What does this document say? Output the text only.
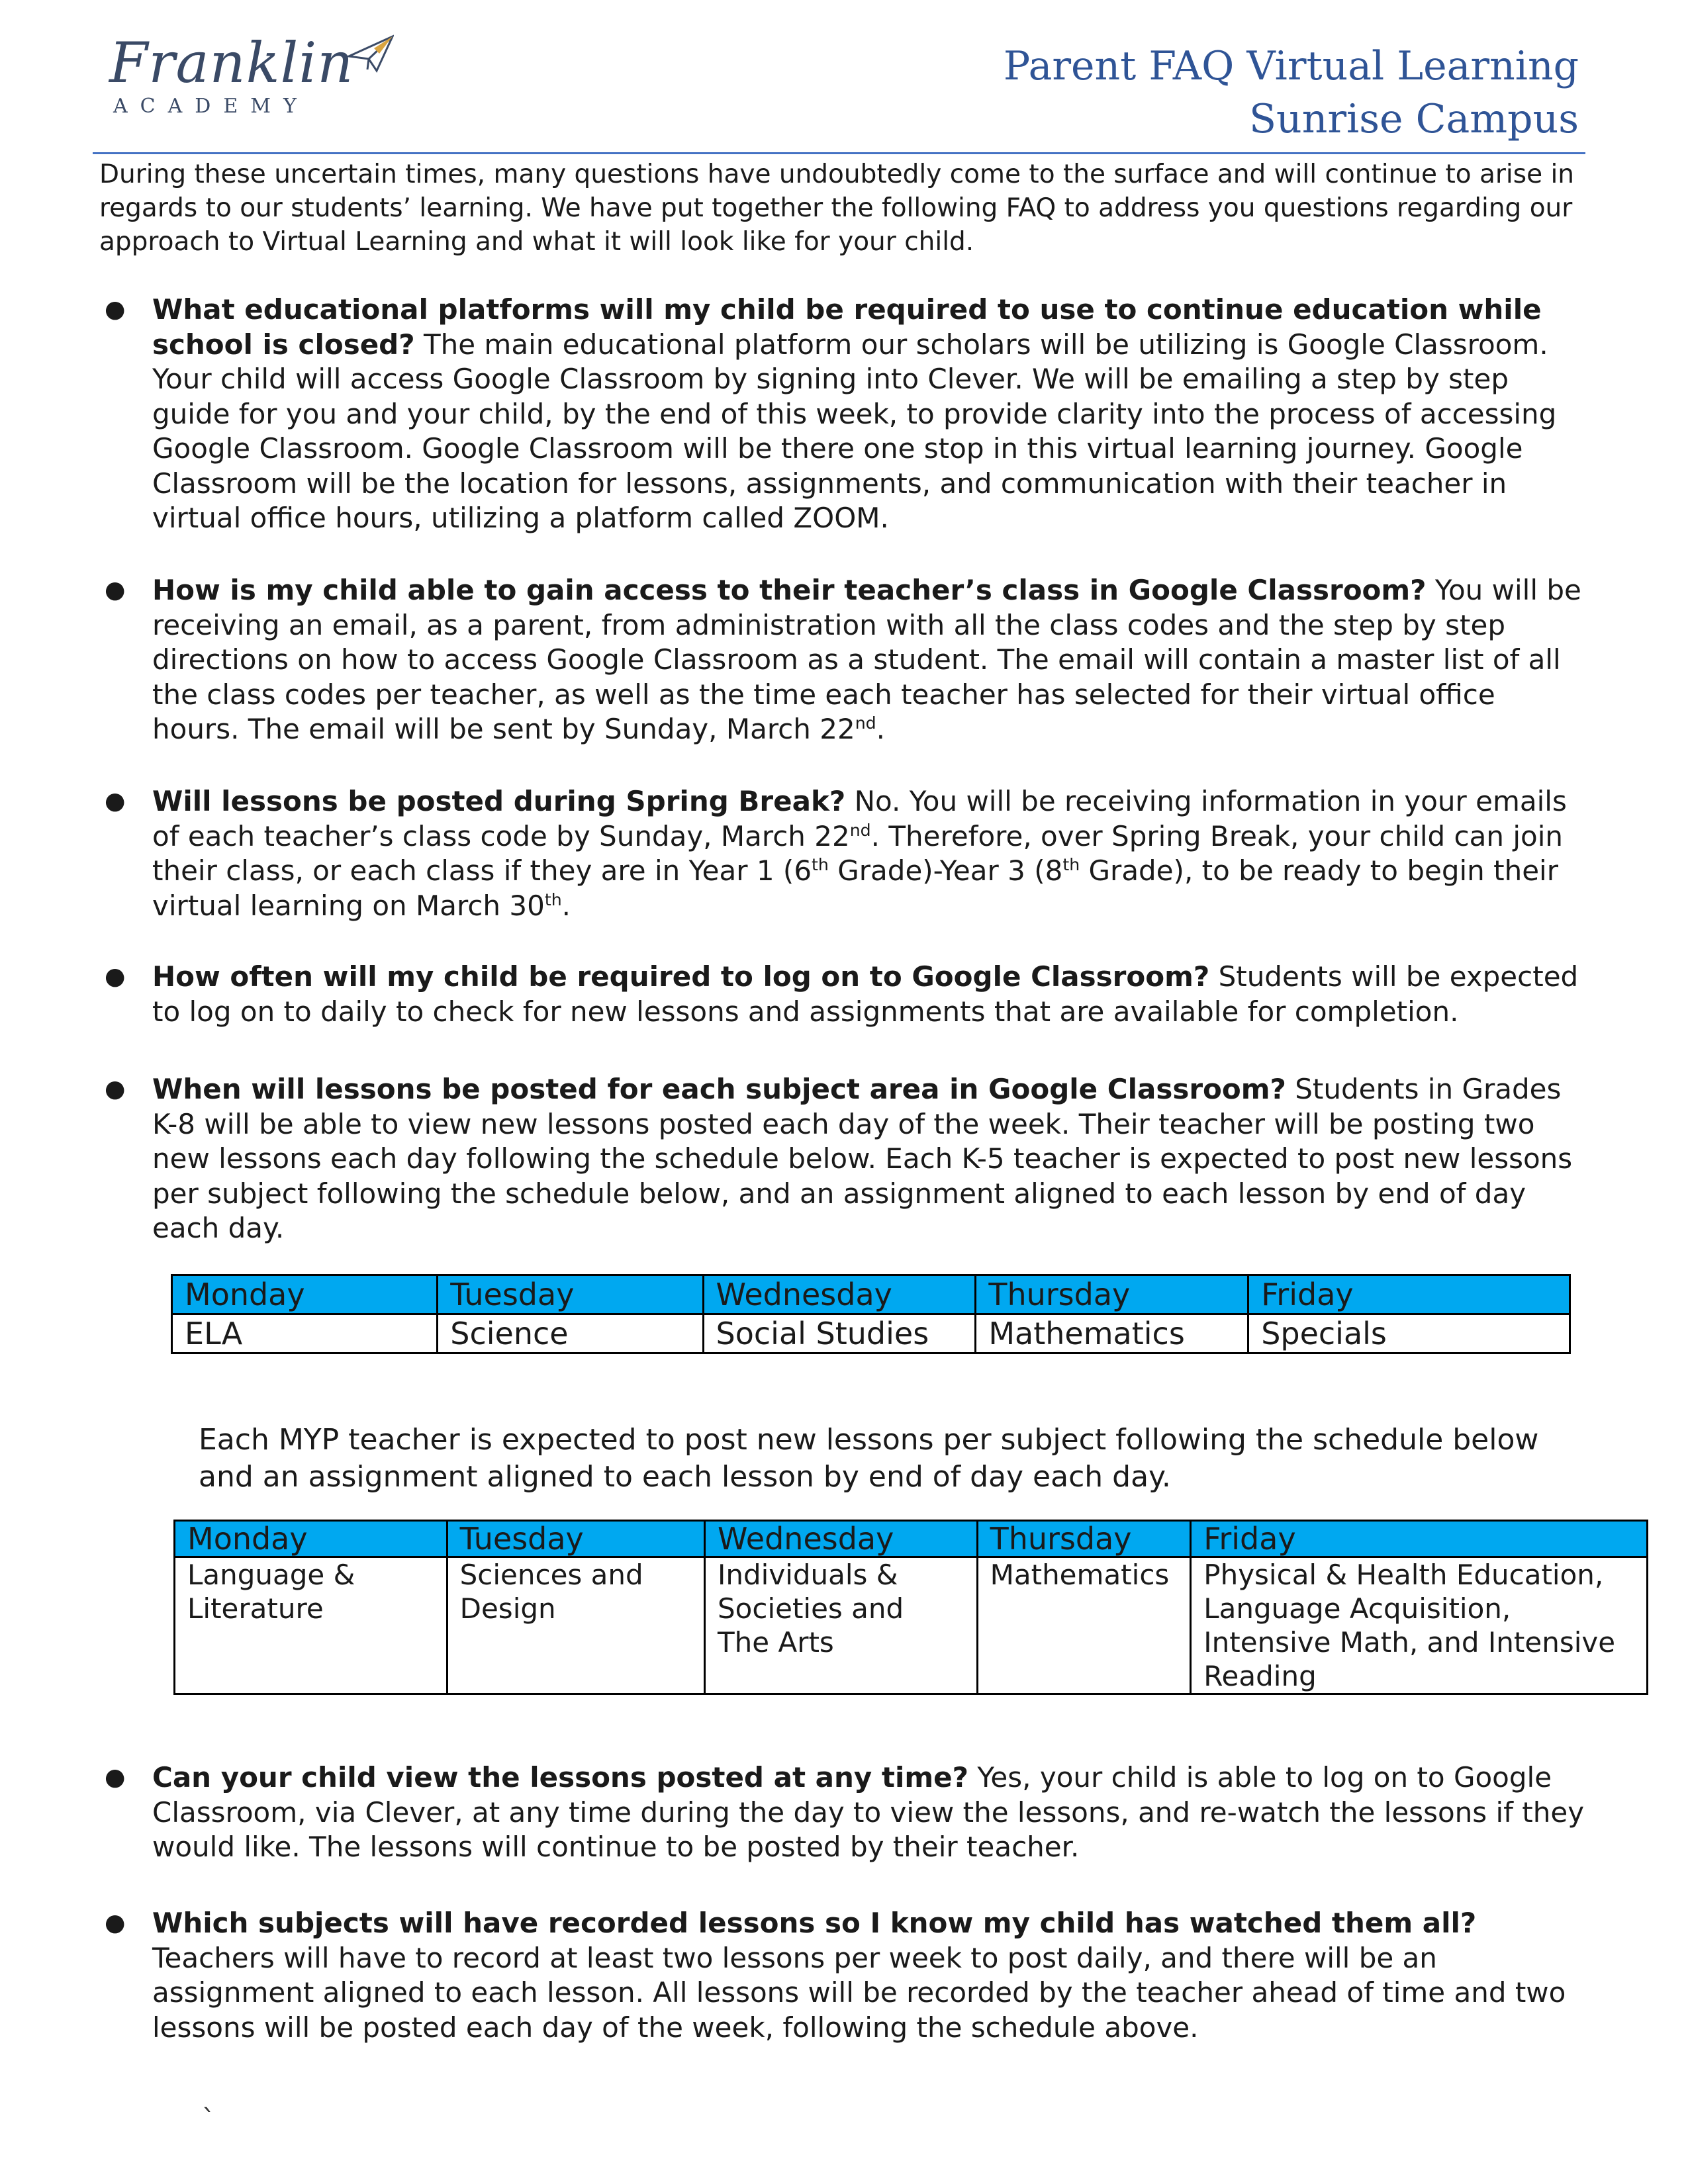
Franklin
ACADEMY
Parent FAQ Virtual Learning
Sunrise Campus
During these uncertain times, many questions have undoubtedly come to the surface and will continue to arise in regards to our students’ learning. We have put together the following FAQ to address you questions regarding our approach to Virtual Learning and what it will look like for your child.
● What educational platforms will my child be required to use to continue education while school is closed? The main educational platform our scholars will be utilizing is Google Classroom. Your child will access Google Classroom by signing into Clever. We will be emailing a step by step guide for you and your child, by the end of this week, to provide clarity into the process of accessing Google Classroom. Google Classroom will be there one stop in this virtual learning journey. Google Classroom will be the location for lessons, assignments, and communication with their teacher in virtual office hours, utilizing a platform called ZOOM.
● How is my child able to gain access to their teacher’s class in Google Classroom? You will be receiving an email, as a parent, from administration with all the class codes and the step by step directions on how to access Google Classroom as a student. The email will contain a master list of all the class codes per teacher, as well as the time each teacher has selected for their virtual office hours. The email will be sent by Sunday, March 22nd.
● Will lessons be posted during Spring Break? No. You will be receiving information in your emails of each teacher’s class code by Sunday, March 22nd. Therefore, over Spring Break, your child can join their class, or each class if they are in Year 1 (6th Grade)-Year 3 (8th Grade), to be ready to begin their virtual learning on March 30th.
● How often will my child be required to log on to Google Classroom? Students will be expected to log on to daily to check for new lessons and assignments that are available for completion.
● When will lessons be posted for each subject area in Google Classroom? Students in Grades K-8 will be able to view new lessons posted each day of the week. Their teacher will be posting two new lessons each day following the schedule below. Each K-5 teacher is expected to post new lessons per subject following the schedule below, and an assignment aligned to each lesson by end of day each day.
Monday	Tuesday	Wednesday	Thursday	Friday
ELA	Science	Social Studies	Mathematics	Specials
Each MYP teacher is expected to post new lessons per subject following the schedule below and an assignment aligned to each lesson by end of day each day.
Monday	Tuesday	Wednesday	Thursday	Friday
Language & Literature	Sciences and Design	Individuals & Societies and The Arts	Mathematics	Physical & Health Education, Language Acquisition, Intensive Math, and Intensive Reading
● Can your child view the lessons posted at any time? Yes, your child is able to log on to Google Classroom, via Clever, at any time during the day to view the lessons, and re-watch the lessons if they would like. The lessons will continue to be posted by their teacher.
● Which subjects will have recorded lessons so I know my child has watched them all? Teachers will have to record at least two lessons per week to post daily, and there will be an assignment aligned to each lesson. All lessons will be recorded by the teacher ahead of time and two lessons will be posted each day of the week, following the schedule above.
`
